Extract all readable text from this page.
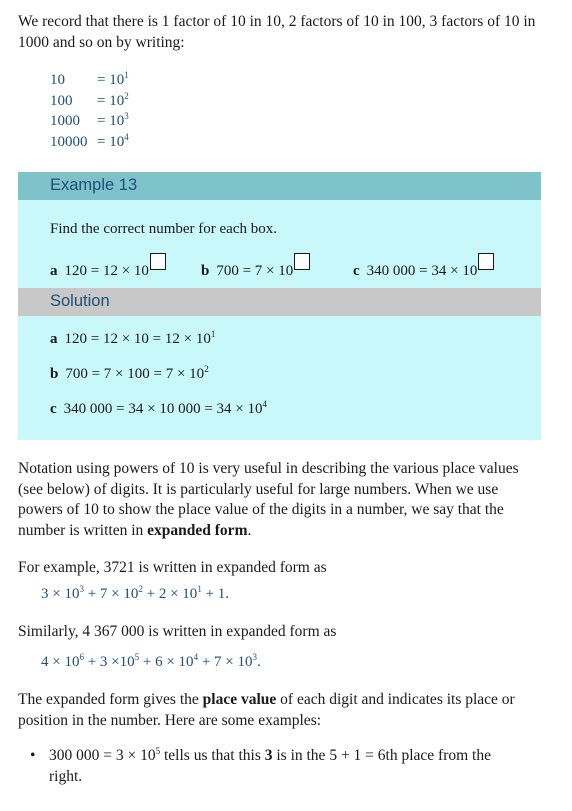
We record that there is 1 factor of 10 in 10, 2 factors of 10 in 100, 3 factors of 10 in 1000 and so on by writing:

10	= $10^1$
100	= $10^2$
1000	= $10^3$
$10000 = 10^4$
Example 13
Find the correct number for each box.
a 120 = 12 × 10	b 700 = 7 × 10	c 340 000 = 34 × 10
Solution
a $120 = 12 \times 10 = 12 \times 10^1$
b $700 = 7 \times 100 = 7 \times 10^2$
c 340 000 = 34 × 10 $000 = 34 \times 10^4$

Notation using powers of 10 is very useful in describing the various place values (see below) of digits. It is particularly useful for large numbers. When we use powers of 10 to show the place value of the digits in a number, we say that the number is written in expanded form.

For example, 3721 is written in expanded form as

$3 \times 10^3 + 7 \times 10^2 + 2 \times 10^1 + 1$.

Similarly, 4 367 000 is written in expanded form as

$4 \times 10^6 + 3 \times 10^5 + 6 \times 10^4 + 7 \times 10^3$.

The expanded form gives the place value of each digit and indicates its place or position in the number. Here are some examples:

• 300 $000 = 3 \times 10^5$ tells us that this 3 is in the 5 + 1 = 6th place from the right.
